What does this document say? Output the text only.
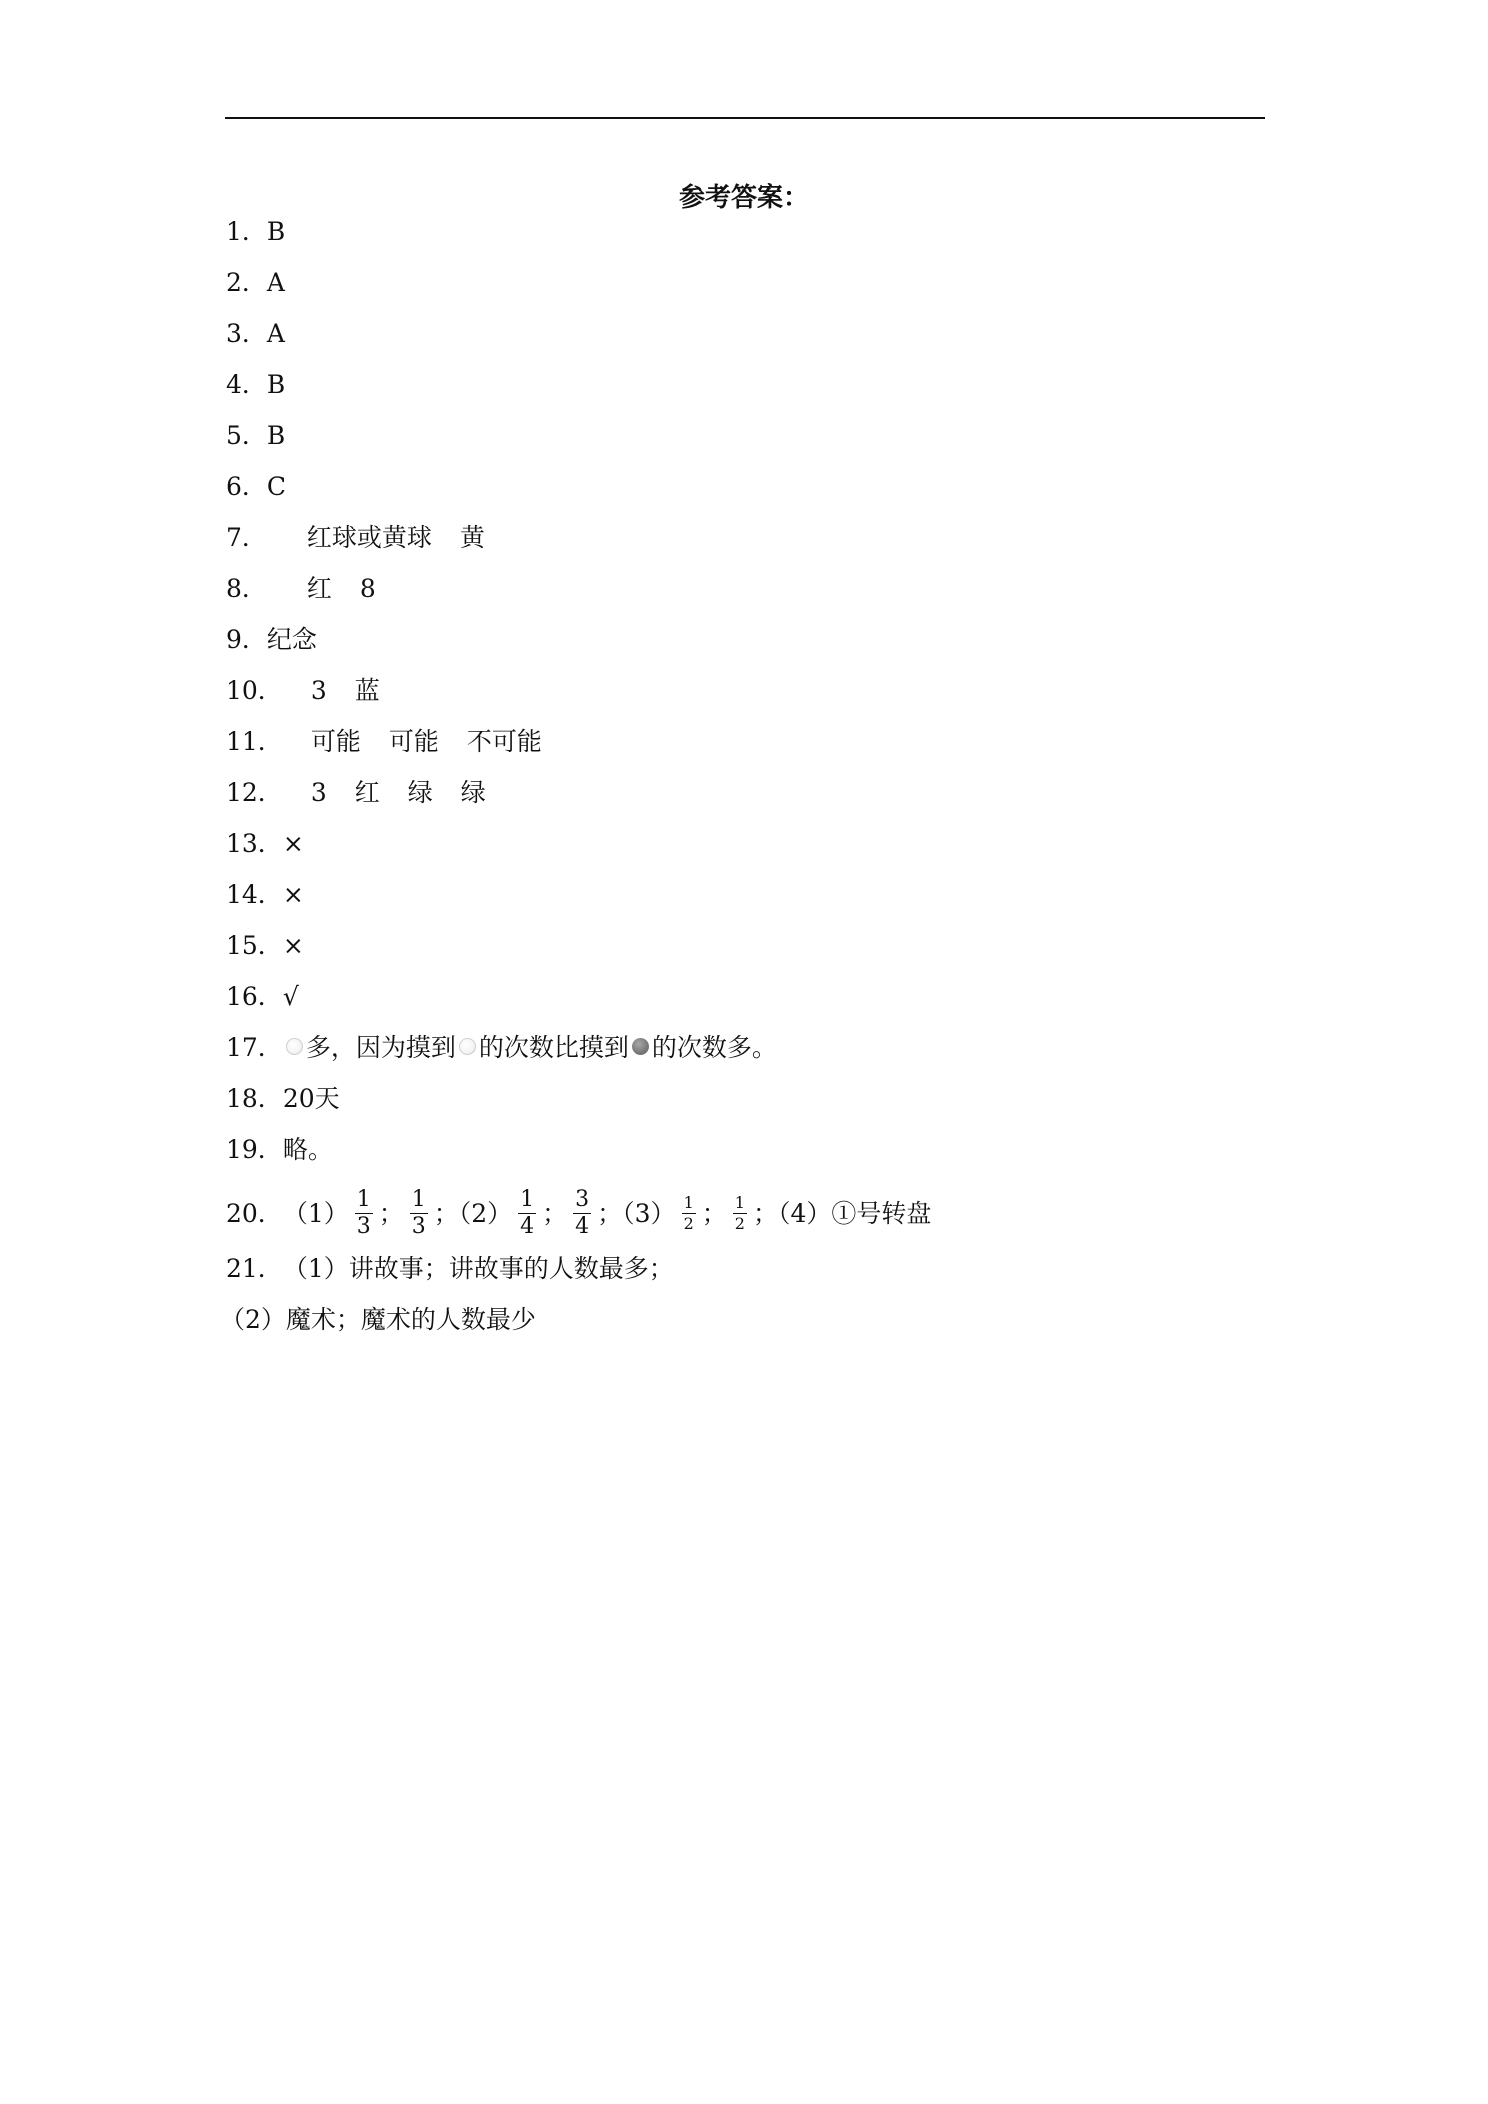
参考答案：
1．B
2．A
3．A
4．B
5．B
6．C
7． 红球或黄球 黄
8． 红 8
9．纪念
10． 3 蓝
11． 可能 可能 不可能
12． 3 红 绿 绿
13．×
14．×
15．×
16．√
17． 多，因为摸到 的次数比摸到 的次数多。
18．20天
19．略。
20．$(1) \frac{1}{3}$ ； $\frac{1}{3}$ ；$(2) \frac{1}{4}$ ； $\frac{3}{4}$ ；$(3) \frac{1}{2}$ ； $\frac{1}{2}$ ；（4）①号转盘
21．（1）讲故事；讲故事的人数最多；
（2）魔术；魔术的人数最少
